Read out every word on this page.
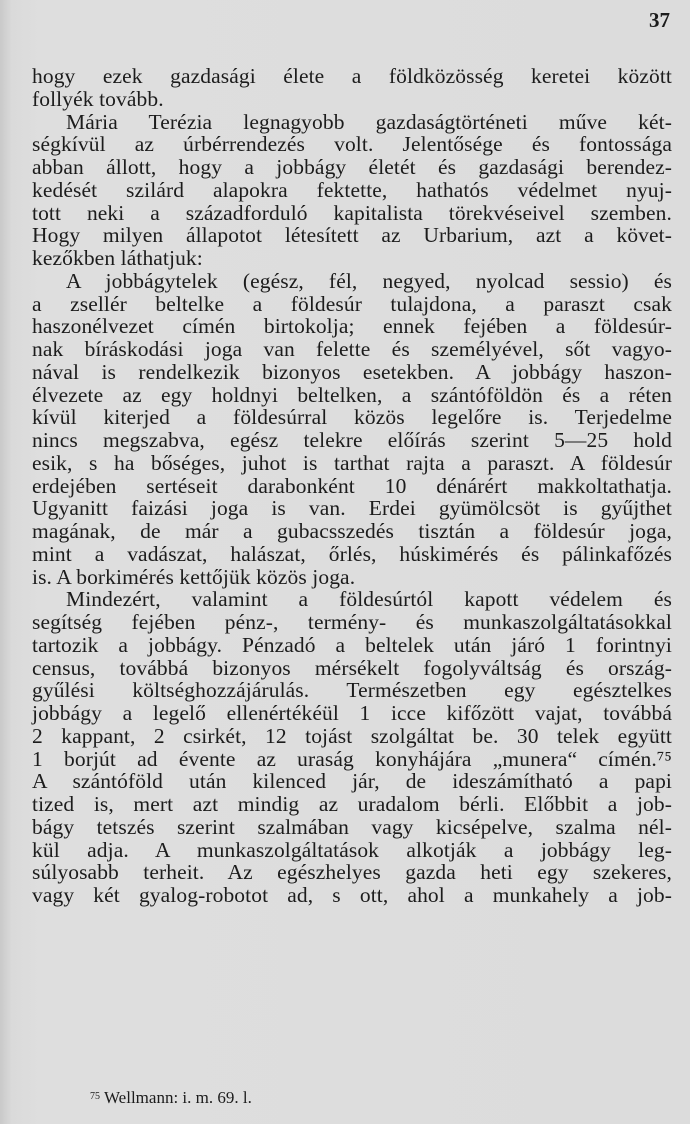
37
hogy ezek gazdasági élete a földközösség keretei között
follyék tovább.
Mária Terézia legnagyobb gazdaságtörténeti műve két-
ségkívül az úrbérrendezés volt. Jelentősége és fontossága
abban állott, hogy a jobbágy életét és gazdasági berendez-
kedését szilárd alapokra fektette, hathatós védelmet nyuj-
tott neki a századforduló kapitalista törekvéseivel szemben.
Hogy milyen állapotot létesített az Urbarium, azt a követ-
kezőkben láthatjuk:
A jobbágytelek (egész, fél, negyed, nyolcad sessio) és
a zsellér beltelke a földesúr tulajdona, a paraszt csak
haszonélvezet címén birtokolja; ennek fejében a földesúr-
nak bíráskodási joga van felette és személyével, sőt vagyo-
nával is rendelkezik bizonyos esetekben. A jobbágy haszon-
élvezete az egy holdnyi beltelken, a szántóföldön és a réten
kívül kiterjed a földesúrral közös legelőre is. Terjedelme
nincs megszabva, egész telekre előírás szerint 5—25 hold
esik, s ha bőséges, juhot is tarthat rajta a paraszt. A földesúr
erdejében sertéseit darabonként 10 dénárért makkoltathatja.
Ugyanitt faizási joga is van. Erdei gyümölcsöt is gyűjthet
magának, de már a gubacsszedés tisztán a földesúr joga,
mint a vadászat, halászat, őrlés, húskimérés és pálinkafőzés
is. A borkimérés kettőjük közös joga.
Mindezért, valamint a földesúrtól kapott védelem és
segítség fejében pénz-, termény- és munkaszolgáltatásokkal
tartozik a jobbágy. Pénzadó a beltelek után járó 1 forintnyi
census, továbbá bizonyos mérsékelt fogolyváltság és ország-
gyűlési költséghozzájárulás. Természetben egy egésztelkes
jobbágy a legelő ellenértékéül 1 icce kifőzött vajat, továbbá
2 kappant, 2 csirkét, 12 tojást szolgáltat be. 30 telek együtt
1 borjút ad évente az uraság konyhájára „munera“ címén.⁷⁵
A szántóföld után kilenced jár, de ideszámítható a papi
tized is, mert azt mindig az uradalom bérli. Előbbit a job-
bágy tetszés szerint szalmában vagy kicsépelve, szalma nél-
kül adja. A munkaszolgáltatások alkotják a jobbágy leg-
súlyosabb terheit. Az egészhelyes gazda heti egy szekeres,
vagy két gyalog-robotot ad, s ott, ahol a munkahely a job-
$^{75}$ Wellmann: i. m. 69. l.
